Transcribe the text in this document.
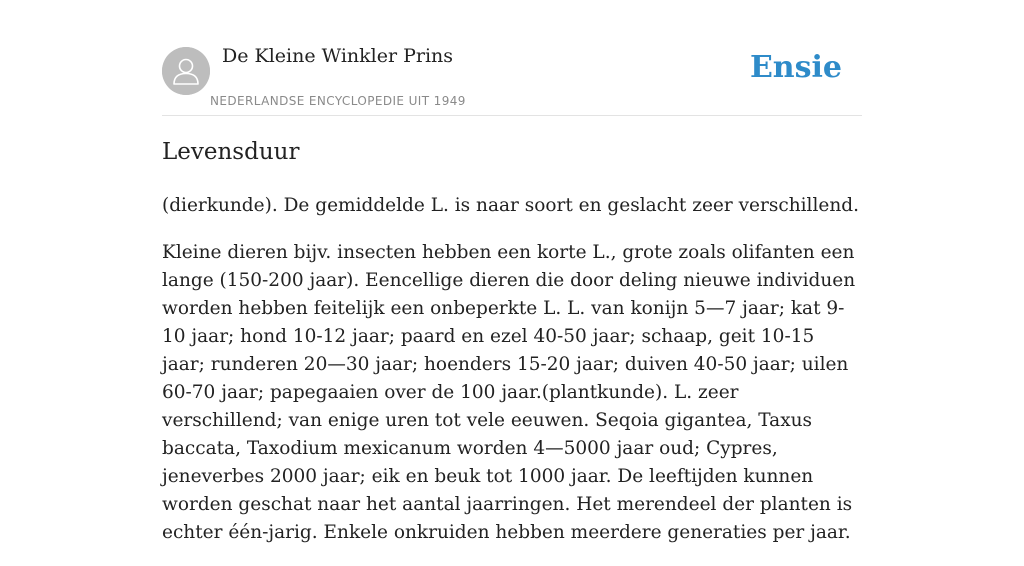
De Kleine Winkler Prins
NEDERLANDSE ENCYCLOPEDIE UIT 1949
Ensie
Levensduur

(dierkunde). De gemiddelde L. is naar soort en geslacht zeer verschillend.

Kleine dieren bijv. insecten hebben een korte L., grote zoals olifanten een lange (150-200 jaar). Eencellige dieren die door deling nieuwe individuen worden hebben feitelijk een onbeperkte L. L. van konijn 5—7 jaar; kat 9-10 jaar; hond 10-12 jaar; paard en ezel 40-50 jaar; schaap, geit 10-15 jaar; runderen 20—30 jaar; hoenders 15-20 jaar; duiven 40-50 jaar; uilen 60-70 jaar; papegaaien over de 100 jaar.(plantkunde). L. zeer verschillend; van enige uren tot vele eeuwen. Seqoia gigantea, Taxus baccata, Taxodium mexicanum worden 4—5000 jaar oud; Cypres, jeneverbes 2000 jaar; eik en beuk tot 1000 jaar. De leeftijden kunnen worden geschat naar het aantal jaarringen. Het merendeel der planten is echter één-jarig. Enkele onkruiden hebben meerdere generaties per jaar.
